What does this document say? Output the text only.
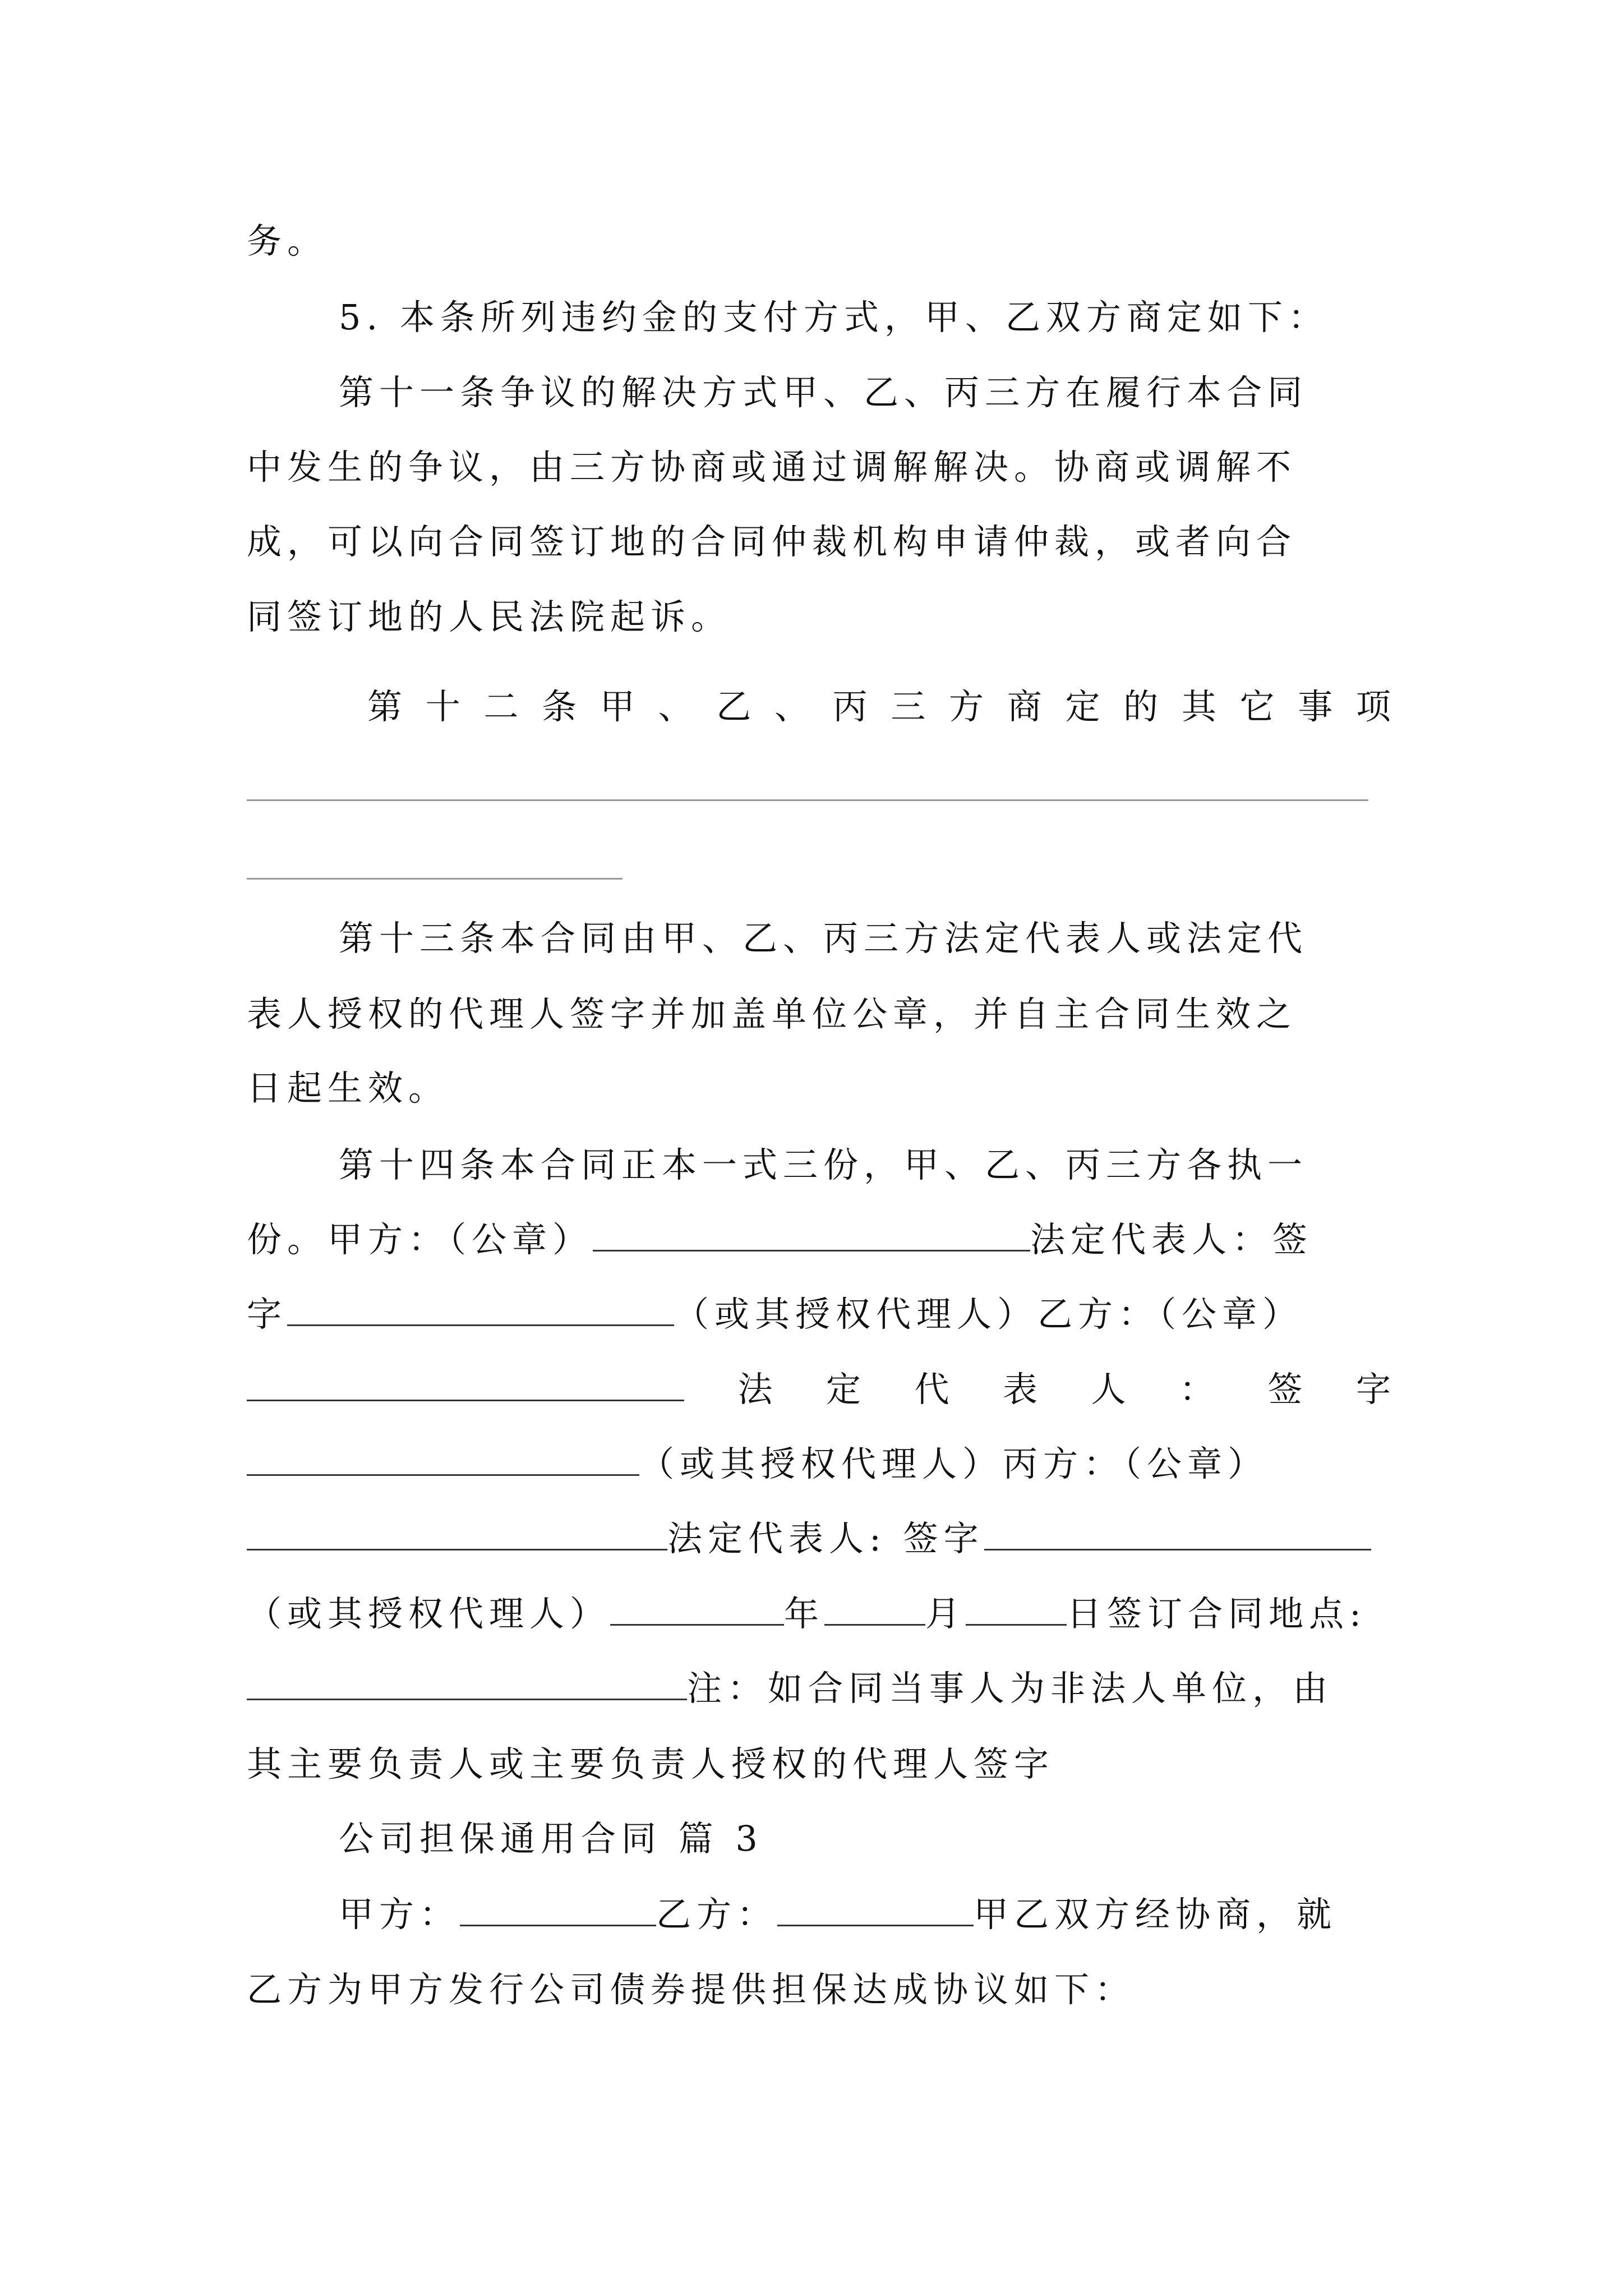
务。
5. 本条所列违约金的支付方式，甲、乙双方商定如下：
第十一条争议的解决方式甲、乙、丙三方在履行本合同
中发生的争议，由三方协商或通过调解解决。协商或调解不
成，可以向合同签订地的合同仲裁机构申请仲裁，或者向合
同签订地的人民法院起诉。
第 十 二 条 甲 、 乙 、 丙 三 方 商 定 的 其 它 事 项
第十三条本合同由甲、乙、丙三方法定代表人或法定代
表人授权的代理人签字并加盖单位公章，并自主合同生效之
日起生效。
第十四条本合同正本一式三份，甲、乙、丙三方各执一
份。甲方：（公章）	法定代表人：签
字	（或其授权代理人）乙方：（公章）
法 定 代 表 人 ： 签 字
（或其授权代理人）丙方：（公章）
法定代表人: 签字
（或其授权代理人）	年	月	日签订合同地点:
注：如合同当事人为非法人单位，由
其主要负责人或主要负责人授权的代理人签字
公司担保通用合同 篇 3
甲方：	乙方：	甲乙双方经协商，就
乙方为甲方发行公司债券提供担保达成协议如下：
